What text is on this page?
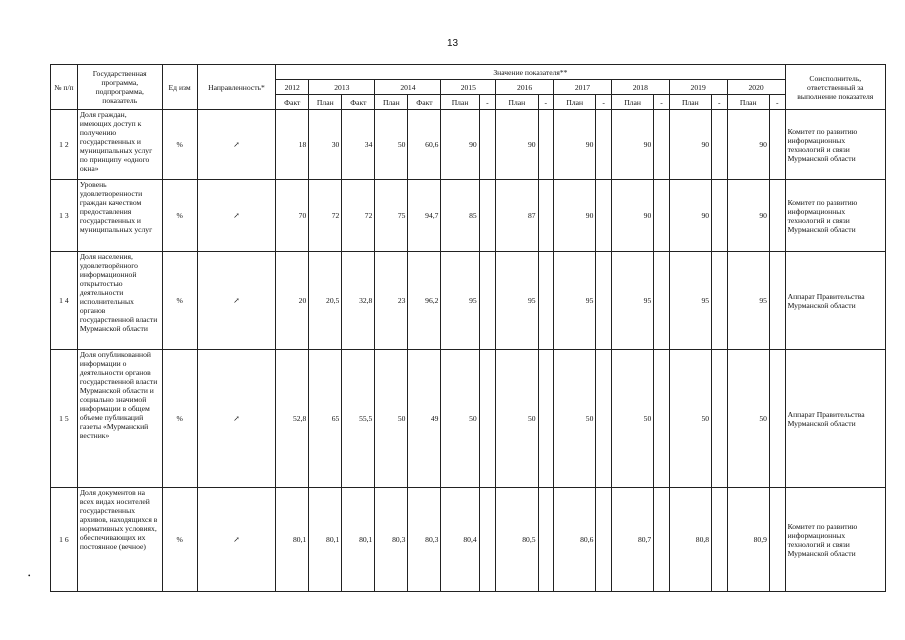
13
№ п/п	Государственная программа, подпрограмма, показатель	Ед изм	Направленность*	Значение показателя**																	Соисполнитель, ответственный за выполнение показателя
				2012	2013		2014		2015		2016		2017		2018		2019		2020		
				Факт	План	Факт	План	Факт	План	-	План	-	План	-	План	-	План	-	План	-	
1 2	Доля граждан, имеющих доступ к получению государственных и муниципальных услуг по принципу «одного окна»	%	↗	18	30	34	50	60,6	90		90		90		90		90		90		Комитет по развитию информационных технологий и связи Мурманской области
1 3	Уровень удовлетворенности граждан качеством предоставления государственных и муниципальных услуг	%	↗	70	72	72	75	94,7	85		87		90		90		90		90		Комитет по развитию информационных технологий и связи Мурманской области
1 4	Доля населения, удовлетворённого информационной открытостью деятельности исполнительных органов государственной власти Мурманской области	%	↗	20	20,5	32,8	23	96,2	95		95		95		95		95		95		Аппарат Правительства Мурманской области
1 5	Доля опубликованной информации о деятельности органов государственной власти Мурманской области и социально значимой информации в общем объеме публикаций газеты «Мурманский вестник»	%	↗	52,8	65	55,5	50	49	50		50		50		50		50		50		Аппарат Правительства Мурманской области
1 6	Доля документов на всех видах носителей государственных архивов, находящихся в нормативных условиях, обеспечивающих их постоянное (вечное)	%	↗	80,1	80,1	80,1	80,3	80,3	80,4		80,5		80,6		80,7		80,8		80,9		Комитет по развитию информационных технологий и связи Мурманской области
•
